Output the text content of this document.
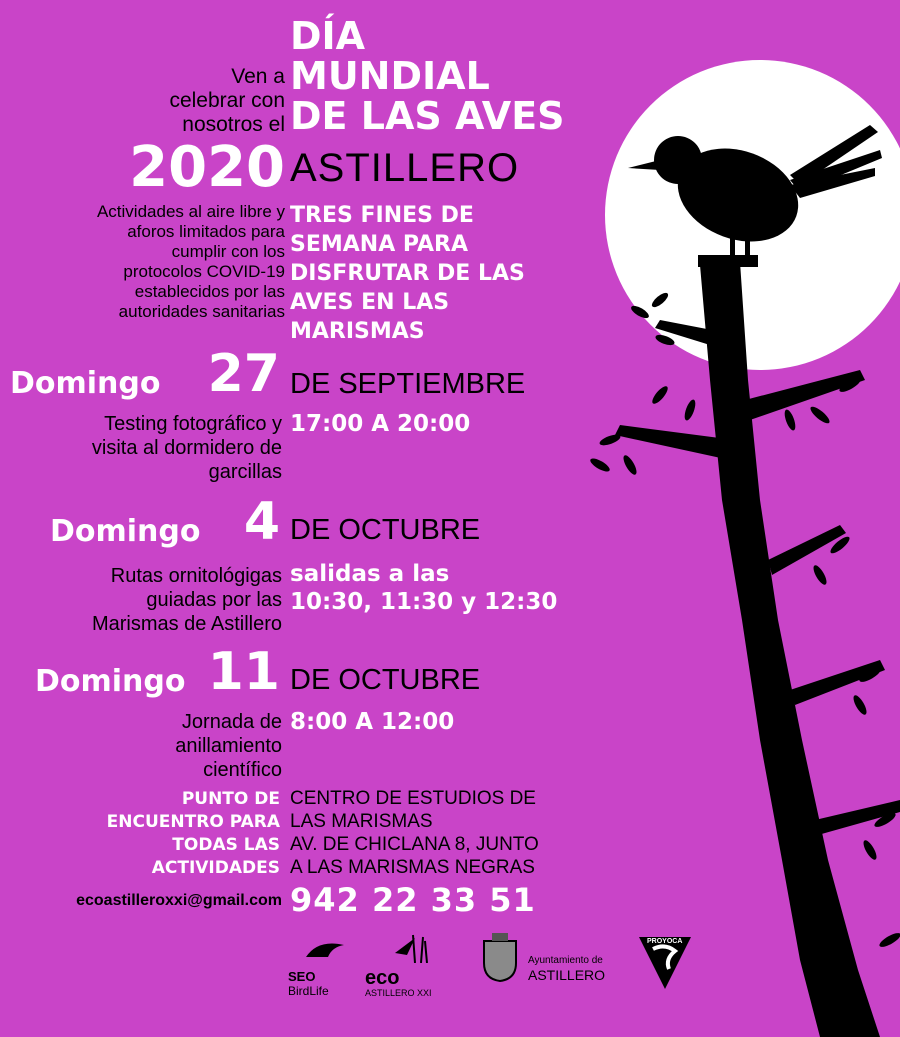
Ven a
celebrar con
nosotros el
DÍA
MUNDIAL
DE LAS AVES
2020 ASTILLERO
Actividades al aire libre y
aforos limitados para
cumplir con los
protocolos COVID-19
establecidos por las
autoridades sanitarias
TRES FINES DE
SEMANA PARA
DISFRUTAR DE LAS
AVES EN LAS
MARISMAS
Domingo 27 DE SEPTIEMBRE
Testing fotográfico y
visita al dormidero de
garcillas
17:00 A 20:00
Domingo 4 DE OCTUBRE
Rutas ornitológigas
guiadas por las
Marismas de Astillero
salidas a las
10:30, 11:30 y 12:30
Domingo 11 DE OCTUBRE
Jornada de
anillamiento
científico
8:00 A 12:00
PUNTO DE
ENCUENTRO PARA
TODAS LAS
ACTIVIDADES
CENTRO DE ESTUDIOS DE
LAS MARISMAS
AV. DE CHICLANA 8, JUNTO
A LAS MARISMAS NEGRAS
ecoastilleroxxi@gmail.com 942 22 33 51
SEO
BirdLife
eco
ASTILLERO XXI
Ayuntamiento de
ASTILLERO
PROYOCA
